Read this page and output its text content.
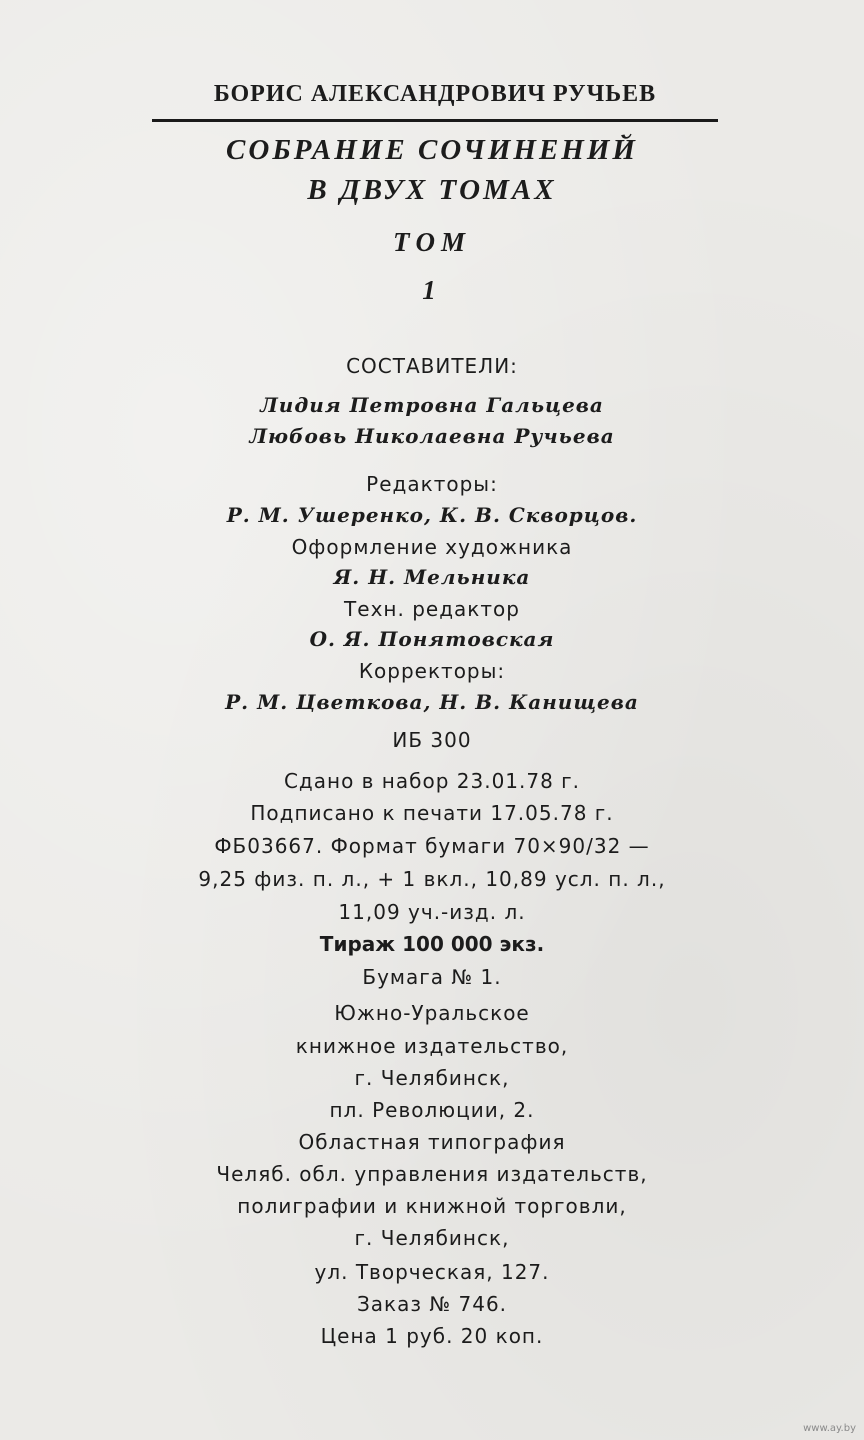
БОРИС АЛЕКСАНДРОВИЧ РУЧЬЕВ
СОБРАНИЕ СОЧИНЕНИЙ
В ДВУХ ТОМАХ
ТОМ
1
СОСТАВИТЕЛИ:
Лидия Петровна Гальцева
Любовь Николаевна Ручьева
Редакторы:
Р. М. Ушеренко, К. В. Скворцов.
Оформление художника
Я. Н. Мельника
Техн. редактор
О. Я. Понятовская
Корректоры:
Р. М. Цветкова, Н. В. Канищева
ИБ 300
Сдано в набор 23.01.78 г.
Подписано к печати 17.05.78 г.
ФБ03667. Формат бумаги 70×90/32 —
9,25 физ. п. л., + 1 вкл., 10,89 усл. п. л.,
11,09 уч.-изд. л.
Тираж 100 000 экз.
Бумага № 1.
Южно-Уральское
книжное издательство,
г. Челябинск,
пл. Революции, 2.
Областная типография
Челяб. обл. управления издательств,
полиграфии и книжной торговли,
г. Челябинск,
ул. Творческая, 127.
Заказ № 746.
Цена 1 руб. 20 коп.
www.ay.by
